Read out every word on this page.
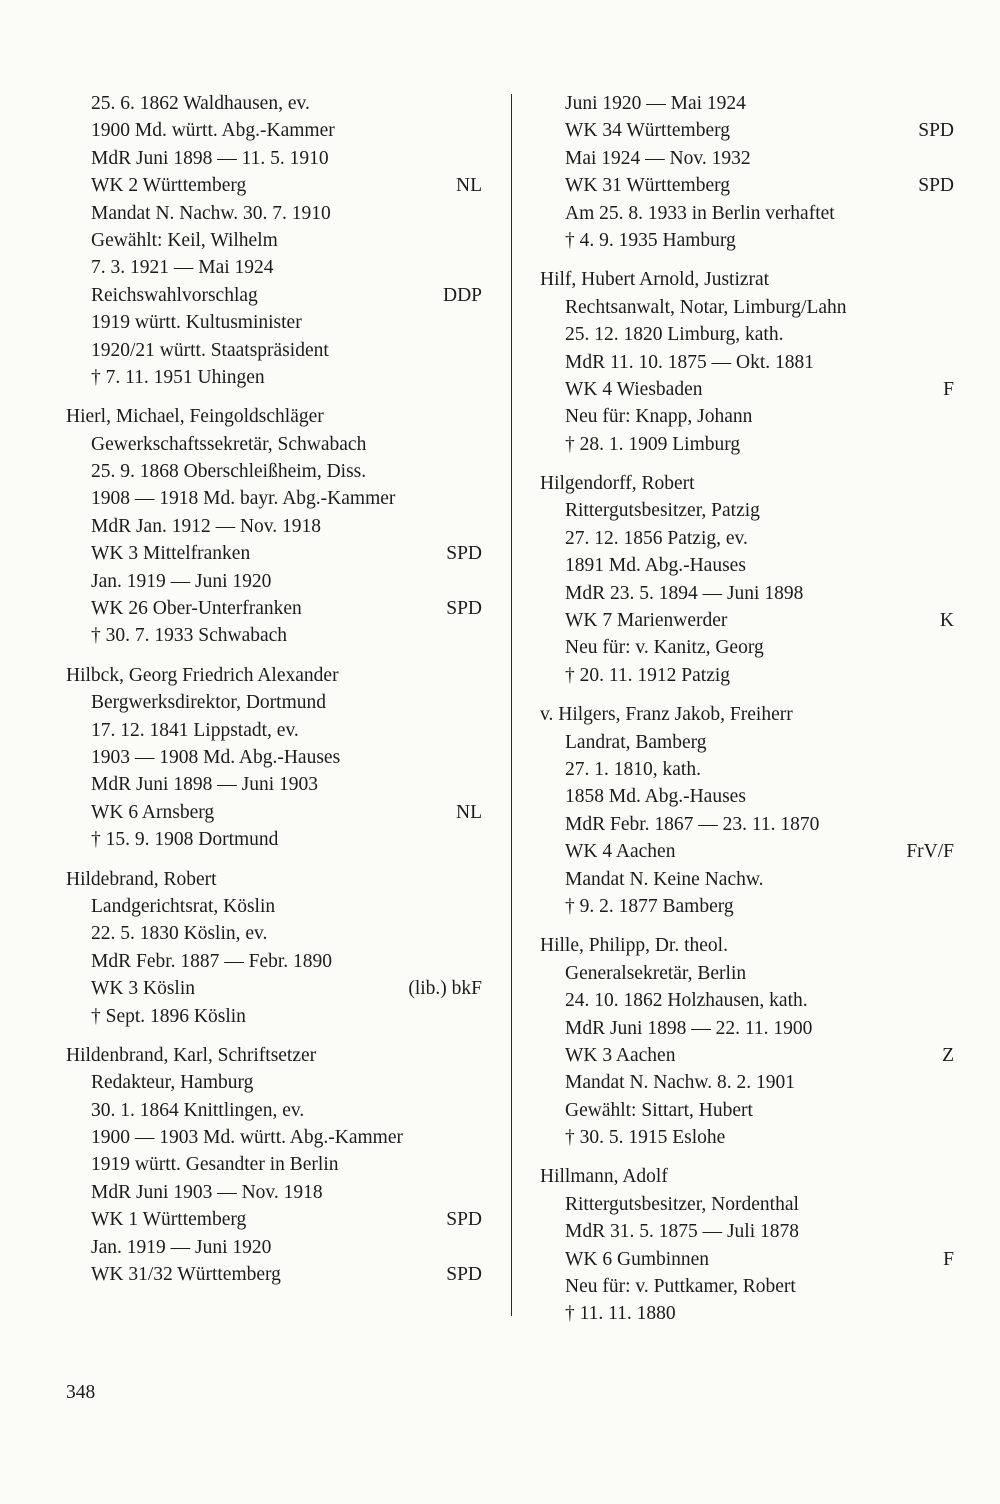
25. 6. 1862 Waldhausen, ev.
1900 Md. württ. Abg.-Kammer
MdR Juni 1898 — 11. 5. 1910
WK 2 Württemberg	NL
Mandat N. Nachw. 30. 7. 1910
Gewählt: Keil, Wilhelm
7. 3. 1921 — Mai 1924
Reichswahlvorschlag	DDP
1919 württ. Kultusminister
1920/21 württ. Staatspräsident
† 7. 11. 1951 Uhingen
Hierl, Michael, Feingoldschläger
Gewerkschaftssekretär, Schwabach
25. 9. 1868 Oberschleißheim, Diss.
1908 — 1918 Md. bayr. Abg.-Kammer
MdR Jan. 1912 — Nov. 1918
WK 3 Mittelfranken	SPD
Jan. 1919 — Juni 1920
WK 26 Ober-Unterfranken	SPD
† 30. 7. 1933 Schwabach
Hilbck, Georg Friedrich Alexander
Bergwerksdirektor, Dortmund
17. 12. 1841 Lippstadt, ev.
1903 — 1908 Md. Abg.-Hauses
MdR Juni 1898 — Juni 1903
WK 6 Arnsberg	NL
† 15. 9. 1908 Dortmund
Hildebrand, Robert
Landgerichtsrat, Köslin
22. 5. 1830 Köslin, ev.
MdR Febr. 1887 — Febr. 1890
WK 3 Köslin	(lib.) bkF
† Sept. 1896 Köslin
Hildenbrand, Karl, Schriftsetzer
Redakteur, Hamburg
30. 1. 1864 Knittlingen, ev.
1900 — 1903 Md. württ. Abg.-Kammer
1919 württ. Gesandter in Berlin
MdR Juni 1903 — Nov. 1918
WK 1 Württemberg	SPD
Jan. 1919 — Juni 1920
WK 31/32 Württemberg	SPD
Juni 1920 — Mai 1924
WK 34 Württemberg	SPD
Mai 1924 — Nov. 1932
WK 31 Württemberg	SPD
Am 25. 8. 1933 in Berlin verhaftet
† 4. 9. 1935 Hamburg
Hilf, Hubert Arnold, Justizrat
Rechtsanwalt, Notar, Limburg/Lahn
25. 12. 1820 Limburg, kath.
MdR 11. 10. 1875 — Okt. 1881
WK 4 Wiesbaden	F
Neu für: Knapp, Johann
† 28. 1. 1909 Limburg
Hilgendorff, Robert
Rittergutsbesitzer, Patzig
27. 12. 1856 Patzig, ev.
1891 Md. Abg.-Hauses
MdR 23. 5. 1894 — Juni 1898
WK 7 Marienwerder	K
Neu für: v. Kanitz, Georg
† 20. 11. 1912 Patzig
v. Hilgers, Franz Jakob, Freiherr
Landrat, Bamberg
27. 1. 1810, kath.
1858 Md. Abg.-Hauses
MdR Febr. 1867 — 23. 11. 1870
WK 4 Aachen	FrV/F
Mandat N. Keine Nachw.
† 9. 2. 1877 Bamberg
Hille, Philipp, Dr. theol.
Generalsekretär, Berlin
24. 10. 1862 Holzhausen, kath.
MdR Juni 1898 — 22. 11. 1900
WK 3 Aachen	Z
Mandat N. Nachw. 8. 2. 1901
Gewählt: Sittart, Hubert
† 30. 5. 1915 Eslohe
Hillmann, Adolf
Rittergutsbesitzer, Nordenthal
MdR 31. 5. 1875 — Juli 1878
WK 6 Gumbinnen	F
Neu für: v. Puttkamer, Robert
† 11. 11. 1880
348
